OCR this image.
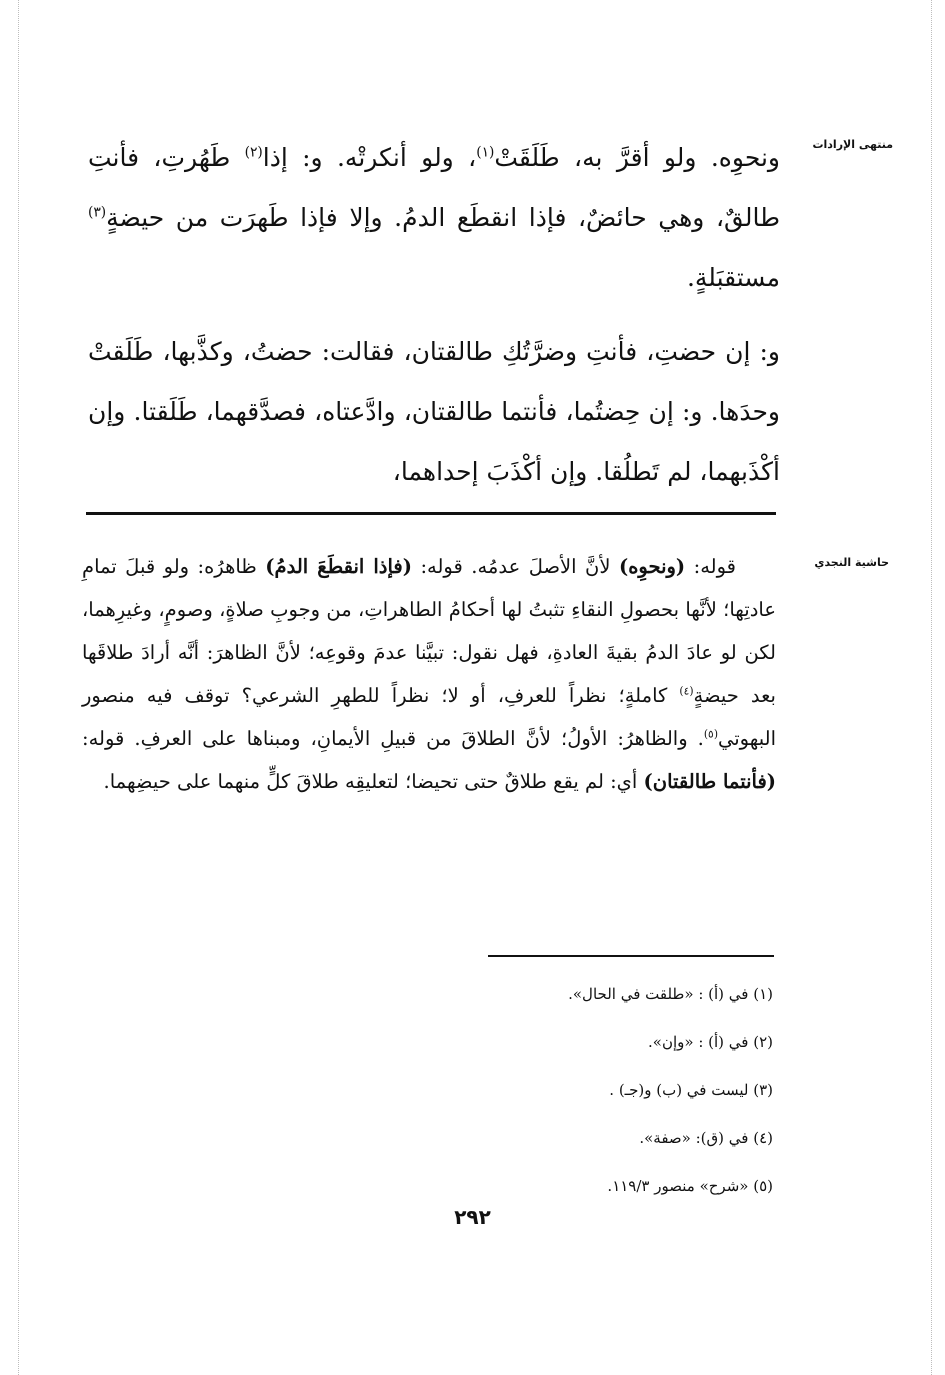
منتهى الإرادات
حاشية النجدي

ونحوِه. ولو أقرَّ به، طَلَقَتْ$^{(١)}$، ولو أنكرتْه. و: إذا$^{(٢)}$ طَهُرتِ، فأنتِ طالقٌ، وهي حائضٌ، فإذا انقطَع الدمُ. وإلا فإذا طَهرَت من حيضةٍ$^{(٣)}$ مستقبَلةٍ.

و: إن حضتِ، فأنتِ وضرَّتُكِ طالقتان، فقالت: حضتُ، وكذَّبها، طَلَقتْ وحدَها. و: إن حِضتُما، فأنتما طالقتان، وادَّعتاه، فصدَّقهما، طَلَقتا. وإن أكْذَبهما، لم تَطلُقا. وإن أكْذَبَ إحداهما،

قوله: (ونحوِه) لأنَّ الأصلَ عدمُه. قوله: (فإذا انقطَعَ الدمُ) ظاهرُه: ولو قبلَ تمامِ عادتِها؛ لأنَّها بحصولِ النقاءِ تثبتُ لها أحكامُ الطاهراتِ، من وجوبِ صلاةٍ، وصومٍ، وغيرِهما، لكن لو عادَ الدمُ بقيةَ العادةِ، فهل نقول: تبيَّنا عدمَ وقوعِه؛ لأنَّ الظاهرَ: أنَّه أرادَ طلاقَها بعد حيضةٍ$^{(٤)}$ كاملةٍ؛ نظراً للعرفِ، أو لا؛ نظراً للطهرِ الشرعي؟ توقف فيه منصور البهوتي$^{(٥)}$. والظاهرُ: الأولُ؛ لأنَّ الطلاقَ من قبيلِ الأيمانِ، ومبناها على العرفِ. قوله: (فأنتما طالقتان) أي: لم يقع طلاقٌ حتى تحيضا؛ لتعليقِه طلاقَ كلٍّ منهما على حيضِهما.

(١) في (أ) : «طلقت في الحال».
(٢) في (أ) : «وإن».
(٣) ليست في (ب) و(جـ) .
(٤) في (ق): «صفة».
(٥) «شرح» منصور ١١٩/٣.
٢٩٢
